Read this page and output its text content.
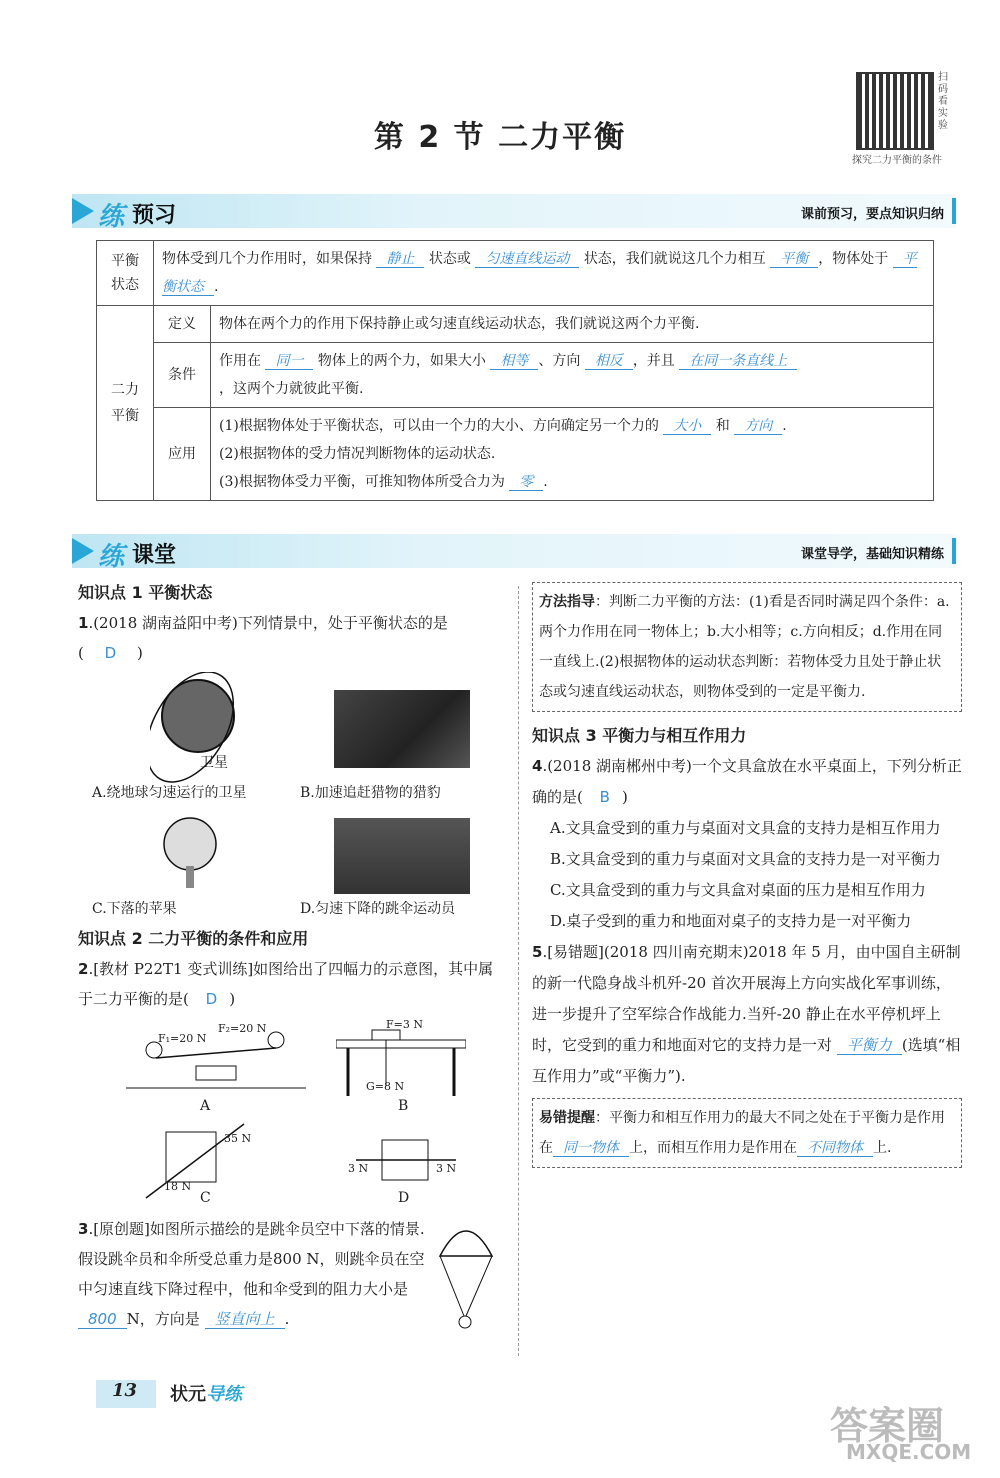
第 2 节 二力平衡
扫码看实验
探究二力平衡的条件
练 预习	课前预习，要点知识归纳
平衡状态	物体受到几个力作用时，如果保持 静止 状态或 匀速直线运动 状态，我们就说这几个力相互 平衡 ，物体处于 平衡状态 .	
二力平衡	定义	物体在两个力的作用下保持静止或匀速直线运动状态，我们就说这两个力平衡.
	条件	作用在 同一 物体上的两个力，如果大小 相等 、方向 相反 ，并且 在同一条直线上
，这两个力就彼此平衡.
	应用	(1)根据物体处于平衡状态，可以由一个力的大小、方向确定另一个力的 大小 和 方向 .
(2)根据物体的受力情况判断物体的运动状态.
(3)根据物体受力平衡，可推知物体所受合力为 零 .
练 课堂	课堂导学，基础知识精练
知识点 1 平衡状态
1.(2018 湖南益阳中考)下列情景中，处于平衡状态的是
( D )
卫星
A.绕地球匀速运行的卫星	B.加速追赶猎物的猎豹
C.下落的苹果	D.匀速下降的跳伞运动员
知识点 2 二力平衡的条件和应用
2.[教材 P22T1 变式训练]如图给出了四幅力的示意图，其中属于二力平衡的是( D )
F₁=20 N
F₂=20 N
A
F=3 N
G=8 N
B
35 N
18 N
C
3 N	3 N
D
3.[原创题]如图所示描绘的是跳伞员空中下落的情景.假设跳伞员和伞所受总重力是800 N，则跳伞员在空中匀速直线下降过程中，他和伞受到的阻力大小是 800 N，方向是 竖直向上 .
方法指导：判断二力平衡的方法：(1)看是否同时满足四个条件：a.两个力作用在同一物体上；b.大小相等；c.方向相反；d.作用在同一直线上.(2)根据物体的运动状态判断：若物体受力且处于静止状态或匀速直线运动状态，则物体受到的一定是平衡力.
知识点 3 平衡力与相互作用力
4.(2018 湖南郴州中考)一个文具盒放在水平桌面上，下列分析正确的是( B )
A.文具盒受到的重力与桌面对文具盒的支持力是相互作用力
B.文具盒受到的重力与桌面对文具盒的支持力是一对平衡力
C.文具盒受到的重力与文具盒对桌面的压力是相互作用力
D.桌子受到的重力和地面对桌子的支持力是一对平衡力
5.[易错题](2018 四川南充期末)2018 年 5 月，由中国自主研制的新一代隐身战斗机歼-20 首次开展海上方向实战化军事训练，进一步提升了空军综合作战能力.当歼-20 静止在水平停机坪上时，它受到的重力和地面对它的支持力是一对 平衡力 (选填“相互作用力”或“平衡力”).
易错提醒：平衡力和相互作用力的最大不同之处在于平衡力是作用在 同一物体 上，而相互作用力是作用在 不同物体 上.
13 状元导练
答案圈
MXQE.COM
